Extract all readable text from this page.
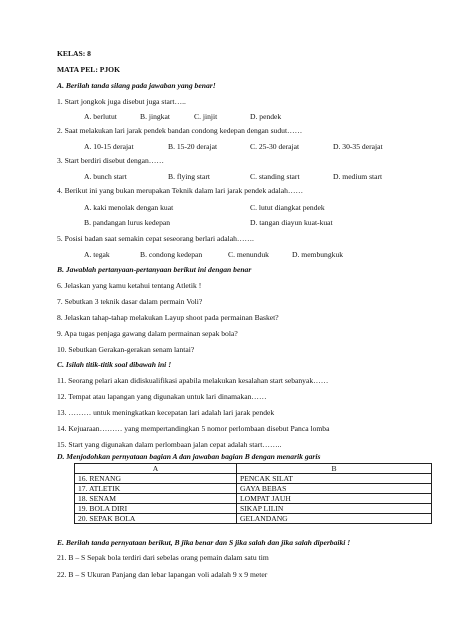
KELAS: 8
MATA PEL: PJOK
A. Berilah tanda silang pada jawaban yang benar!
1. Start jongkok juga disebut juga start…..
A. berlutut	B. jingkat	C. jinjit	D. pendek
2. Saat melakukan lari jarak pendek bandan condong kedepan dengan sudut……
A. 10-15 derajat	B. 15-20 derajat	C. 25-30 derajat	D. 30-35 derajat
3. Start berdiri disebut dengan……
A. bunch start	B. flying start	C. standing start	D. medium start
4. Berikut ini yang bukan merupakan Teknik dalam lari jarak pendek adalah……
A. kaki menolak dengan kuat	C. lutut diangkat pendek
B. pandangan lurus kedepan	D. tangan diayun kuat-kuat
5. Posisi badan saat semakin cepat seseorang berlari adalah…….
A. tegak	B. condong kedepan	C. menunduk	D. membungkuk
B. Jawablah pertanyaan-pertanyaan berikut ini dengan benar
6. Jelaskan yang kamu ketahui tentang Atletik !
7. Sebutkan 3 teknik dasar dalam permain Voli?
8. Jelaskan tahap-tahap melakukan Layup shoot pada permainan Basket?
9. Apa tugas penjaga gawang dalam permainan sepak bola?
10. Sebutkan Gerakan-gerakan senam lantai?
C. Isilah titik-titik soal dibawah ini !
11. Seorang pelari akan didiskualifikasi apabila melakukan kesalahan start sebanyak……
12. Tempat atau lapangan yang digunakan untuk lari dinamakan……
13. ……… untuk meningkatkan kecepatan lari adalah lari jarak pendek
14. Kejuaraan……… yang mempertandingkan 5 nomor perlombaan disebut Panca lomba
15. Start yang digunakan dalam perlombaan jalan cepat adalah start……..
D. Menjodohkan pernyataan bagian A dan jawaban bagian B dengan menarik garis
A	B
16. RENANG	PENCAK SILAT
17. ATLETIK	GAYA BEBAS
18. SENAM	LOMPAT JAUH
19. BOLA DIRI	SIKAP LILIN
20. SEPAK BOLA	GELANDANG
E. Berilah tanda pernyataan berikut, B jika benar dan S jika salah dan jika salah diperbaiki !
21. B – S Sepak bola terdiri dari sebelas orang pemain dalam satu tim
22. B – S Ukuran Panjang dan lebar lapangan voli adalah 9 x 9 meter
